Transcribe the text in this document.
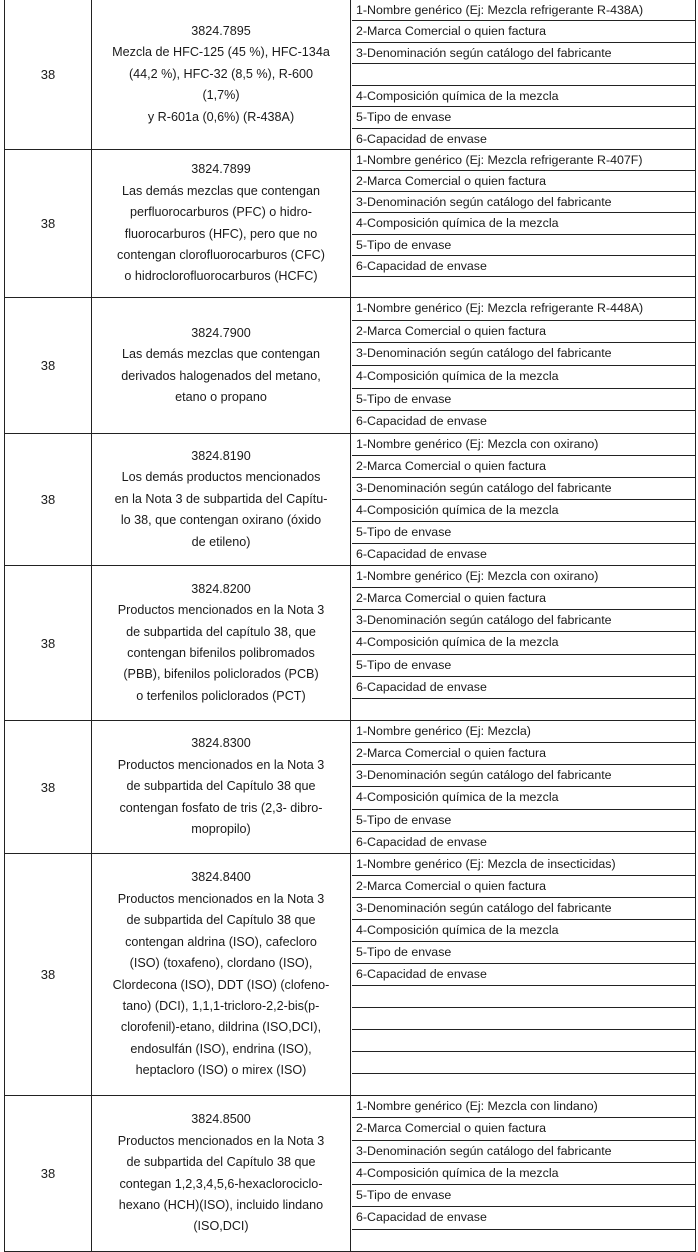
38
3824.7895
Mezcla de HFC-125 (45 %), HFC-134a
(44,2 %), HFC-32 (8,5 %), R-600
(1,7%)
y R-601a (0,6%) (R-438A)
1-Nombre genérico (Ej: Mezcla refrigerante R-438A)
2-Marca Comercial o quien factura
3-Denominación según catálogo del fabricante
4-Composición química de la mezcla
5-Tipo de envase
6-Capacidad de envase
38
3824.7899
Las demás mezclas que contengan
perfluorocarburos (PFC) o hidro-
fluorocarburos (HFC), pero que no
contengan clorofluorocarburos (CFC)
o hidroclorofluorocarburos (HCFC)
1-Nombre genérico (Ej: Mezcla refrigerante R-407F)
2-Marca Comercial o quien factura
3-Denominación según catálogo del fabricante
4-Composición química de la mezcla
5-Tipo de envase
6-Capacidad de envase
38
3824.7900
Las demás mezclas que contengan
derivados halogenados del metano,
etano o propano
1-Nombre genérico (Ej: Mezcla refrigerante R-448A)
2-Marca Comercial o quien factura
3-Denominación según catálogo del fabricante
4-Composición química de la mezcla
5-Tipo de envase
6-Capacidad de envase
38
3824.8190
Los demás productos mencionados
en la Nota 3 de subpartida del Capítu-
lo 38, que contengan oxirano (óxido
de etileno)
1-Nombre genérico (Ej: Mezcla con oxirano)
2-Marca Comercial o quien factura
3-Denominación según catálogo del fabricante
4-Composición química de la mezcla
5-Tipo de envase
6-Capacidad de envase
38
3824.8200
Productos mencionados en la Nota 3
de subpartida del capítulo 38, que
contengan bifenilos polibromados
(PBB), bifenilos policlorados (PCB)
o terfenilos policlorados (PCT)
1-Nombre genérico (Ej: Mezcla con oxirano)
2-Marca Comercial o quien factura
3-Denominación según catálogo del fabricante
4-Composición química de la mezcla
5-Tipo de envase
6-Capacidad de envase
38
3824.8300
Productos mencionados en la Nota 3
de subpartida del Capítulo 38 que
contengan fosfato de tris (2,3- dibro-
mopropilo)
1-Nombre genérico (Ej: Mezcla)
2-Marca Comercial o quien factura
3-Denominación según catálogo del fabricante
4-Composición química de la mezcla
5-Tipo de envase
6-Capacidad de envase
38
3824.8400
Productos mencionados en la Nota 3
de subpartida del Capítulo 38 que
contengan aldrina (ISO), cafecloro
(ISO) (toxafeno), clordano (ISO),
Clordecona (ISO), DDT (ISO) (clofeno-
tano) (DCI), 1,1,1-tricloro-2,2-bis(p-
clorofenil)-etano, dildrina (ISO,DCI),
endosulfán (ISO), endrina (ISO),
heptacloro (ISO) o mirex (ISO)
1-Nombre genérico (Ej: Mezcla de insecticidas)
2-Marca Comercial o quien factura
3-Denominación según catálogo del fabricante
4-Composición química de la mezcla
5-Tipo de envase
6-Capacidad de envase
38
3824.8500
Productos mencionados en la Nota 3
de subpartida del Capítulo 38 que
contegan 1,2,3,4,5,6-hexaclorociclo-
hexano (HCH)(ISO), incluido lindano
(ISO,DCI)
1-Nombre genérico (Ej: Mezcla con lindano)
2-Marca Comercial o quien factura
3-Denominación según catálogo del fabricante
4-Composición química de la mezcla
5-Tipo de envase
6-Capacidad de envase
